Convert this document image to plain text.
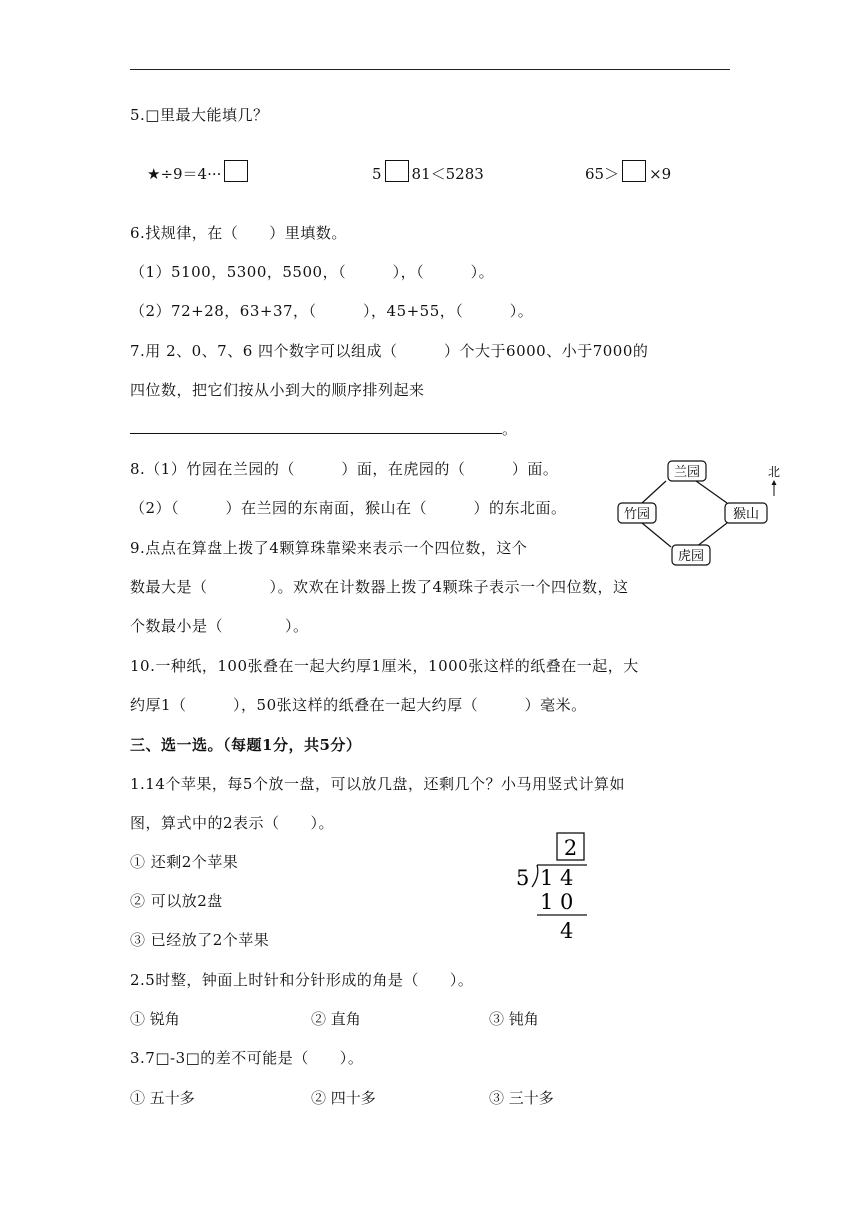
5.□里最大能填几？
★÷9＝4···	5 81＜5283	65＞ ×9
6.找规律，在（　　）里填数。
（1）5100，5300，5500，（　　　），（　　　）。
（2）72+28，63+37，（　　　），45+55，（　　　）。
7.用 2、0、7、6 四个数字可以组成（　　　）个大于6000、小于7000的
四位数，把它们按从小到大的顺序排列起来
。
8.（1）竹园在兰园的（　　　）面，在虎园的（　　　）面。
（2）（　　　）在兰园的东南面，猴山在（　　　）的东北面。
兰园
竹园	猴山
虎园
北
9.点点在算盘上拨了4颗算珠靠梁来表示一个四位数，这个
数最大是（　　　　）。欢欢在计数器上拨了4颗珠子表示一个四位数，这
个数最小是（　　　　）。
10.一种纸，100张叠在一起大约厚1厘米，1000张这样的纸叠在一起，大
约厚1（　　　），50张这样的纸叠在一起大约厚（　　　）毫米。
三、选一选。（每题1分，共5分）
1.14个苹果，每5个放一盘，可以放几盘，还剩几个？小马用竖式计算如
图，算式中的2表示（　　）。
① 还剩2个苹果
② 可以放2盘
③ 已经放了2个苹果
2
5 1 4
1 0
4
2.5时整，钟面上时针和分针形成的角是（　　）。
① 锐角	② 直角	③ 钝角
3.7□-3□的差不可能是（　　）。
① 五十多	② 四十多	③ 三十多
